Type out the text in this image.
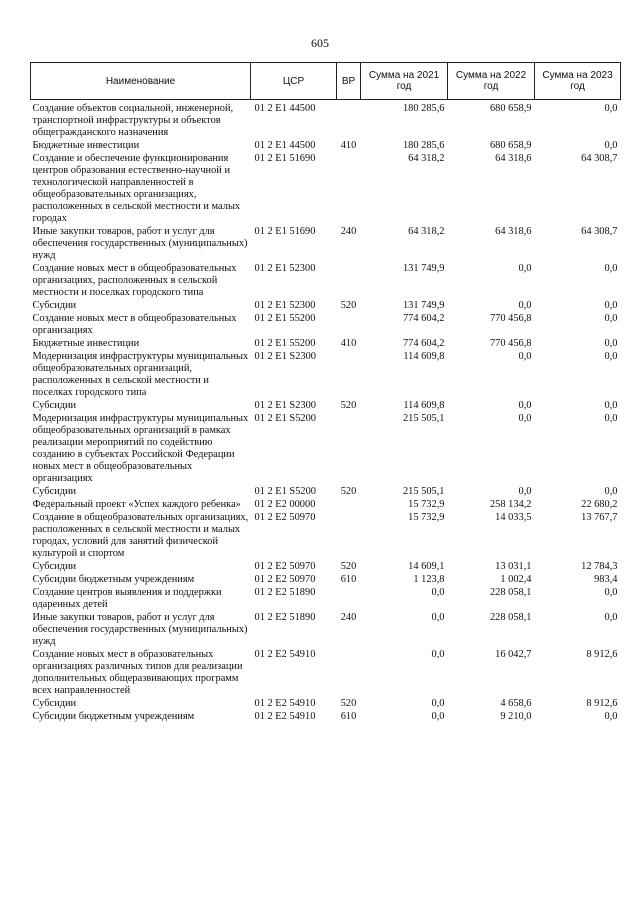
605
Наименование	ЦСР	ВР	Сумма на 2021 год	Сумма на 2022 год	Сумма на 2023 год

Создание объектов социальной, инженерной, транспортной инфраструктуры и объектов общегражданского назначения	01 2 E1 44500		180 285,6	680 658,9	0,0
Бюджетные инвестиции	01 2 E1 44500	410	180 285,6	680 658,9	0,0
Создание и обеспечение функционирования центров образования естественно-научной и технологической направленностей в общеобразовательных организациях, расположенных в сельской местности и малых городах	01 2 E1 51690		64 318,2	64 318,6	64 308,7
Иные закупки товаров, работ и услуг для обеспечения государственных (муниципальных) нужд	01 2 E1 51690	240	64 318,2	64 318,6	64 308,7
Создание новых мест в общеобразовательных организациях, расположенных в сельской местности и поселках городского типа	01 2 E1 52300		131 749,9	0,0	0,0
Субсидии	01 2 E1 52300	520	131 749,9	0,0	0,0
Создание новых мест в общеобразовательных организациях	01 2 E1 55200		774 604,2	770 456,8	0,0
Бюджетные инвестиции	01 2 E1 55200	410	774 604,2	770 456,8	0,0
Модернизация инфраструктуры муниципальных общеобразовательных организаций, расположенных в сельской местности и поселках городского типа	01 2 E1 S2300		114 609,8	0,0	0,0
Субсидии	01 2 E1 S2300	520	114 609,8	0,0	0,0
Модернизация инфраструктуры муниципальных общеобразовательных организаций в рамках реализации мероприятий по содействию созданию в субъектах Российской Федерации новых мест в общеобразовательных организациях	01 2 E1 S5200		215 505,1	0,0	0,0
Субсидии	01 2 E1 S5200	520	215 505,1	0,0	0,0
Федеральный проект «Успех каждого ребенка»	01 2 E2 00000		15 732,9	258 134,2	22 680,2
Создание в общеобразовательных организациях, расположенных в сельской местности и малых городах, условий для занятий физической культурой и спортом	01 2 E2 50970		15 732,9	14 033,5	13 767,7
Субсидии	01 2 E2 50970	520	14 609,1	13 031,1	12 784,3
Субсидии бюджетным учреждениям	01 2 E2 50970	610	1 123,8	1 002,4	983,4
Создание центров выявления и поддержки одаренных детей	01 2 E2 51890		0,0	228 058,1	0,0
Иные закупки товаров, работ и услуг для обеспечения государственных (муниципальных) нужд	01 2 E2 51890	240	0,0	228 058,1	0,0
Создание новых мест в образовательных организациях различных типов для реализации дополнительных общеразвивающих программ всех направленностей	01 2 E2 54910		0,0	16 042,7	8 912,6
Субсидии	01 2 E2 54910	520	0,0	4 658,6	8 912,6
Субсидии бюджетным учреждениям	01 2 E2 54910	610	0,0	9 210,0	0,0
